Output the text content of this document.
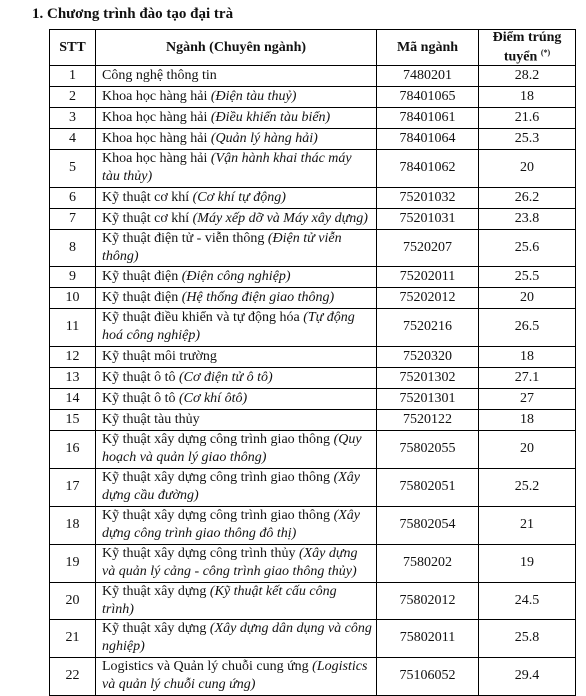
1. Chương trình đào tạo đại trà
STT	Ngành (Chuyên ngành)	Mã ngành	Điểm trúng tuyển (*)
1	Công nghệ thông tin	7480201	28.2
2	Khoa học hàng hải (Điện tàu thuỷ)	78401065	18
3	Khoa học hàng hải (Điều khiển tàu biển)	78401061	21.6
4	Khoa học hàng hải (Quản lý hàng hải)	78401064	25.3
5	Khoa học hàng hải (Vận hành khai thác máy tàu thủy)	78401062	20
6	Kỹ thuật cơ khí (Cơ khí tự động)	75201032	26.2
7	Kỹ thuật cơ khí (Máy xếp dỡ và Máy xây dựng)	75201031	23.8
8	Kỹ thuật điện tử - viễn thông (Điện tử viễn thông)	7520207	25.6
9	Kỹ thuật điện (Điện công nghiệp)	75202011	25.5
10	Kỹ thuật điện (Hệ thống điện giao thông)	75202012	20
11	Kỹ thuật điều khiển và tự động hóa (Tự động hoá công nghiệp)	7520216	26.5
12	Kỹ thuật môi trường	7520320	18
13	Kỹ thuật ô tô (Cơ điện tử ô tô)	75201302	27.1
14	Kỹ thuật ô tô (Cơ khí ôtô)	75201301	27
15	Kỹ thuật tàu thủy	7520122	18
16	Kỹ thuật xây dựng công trình giao thông (Quy hoạch và quản lý giao thông)	75802055	20
17	Kỹ thuật xây dựng công trình giao thông (Xây dựng cầu đường)	75802051	25.2
18	Kỹ thuật xây dựng công trình giao thông (Xây dựng công trình giao thông đô thị)	75802054	21
19	Kỹ thuật xây dựng công trình thủy (Xây dựng và quản lý cảng - công trình giao thông thủy)	7580202	19
20	Kỹ thuật xây dựng (Kỹ thuật kết cấu công trình)	75802012	24.5
21	Kỹ thuật xây dựng (Xây dựng dân dụng và công nghiệp)	75802011	25.8
22	Logistics và Quản lý chuỗi cung ứng (Logistics và quản lý chuỗi cung ứng)	75106052	29.4
